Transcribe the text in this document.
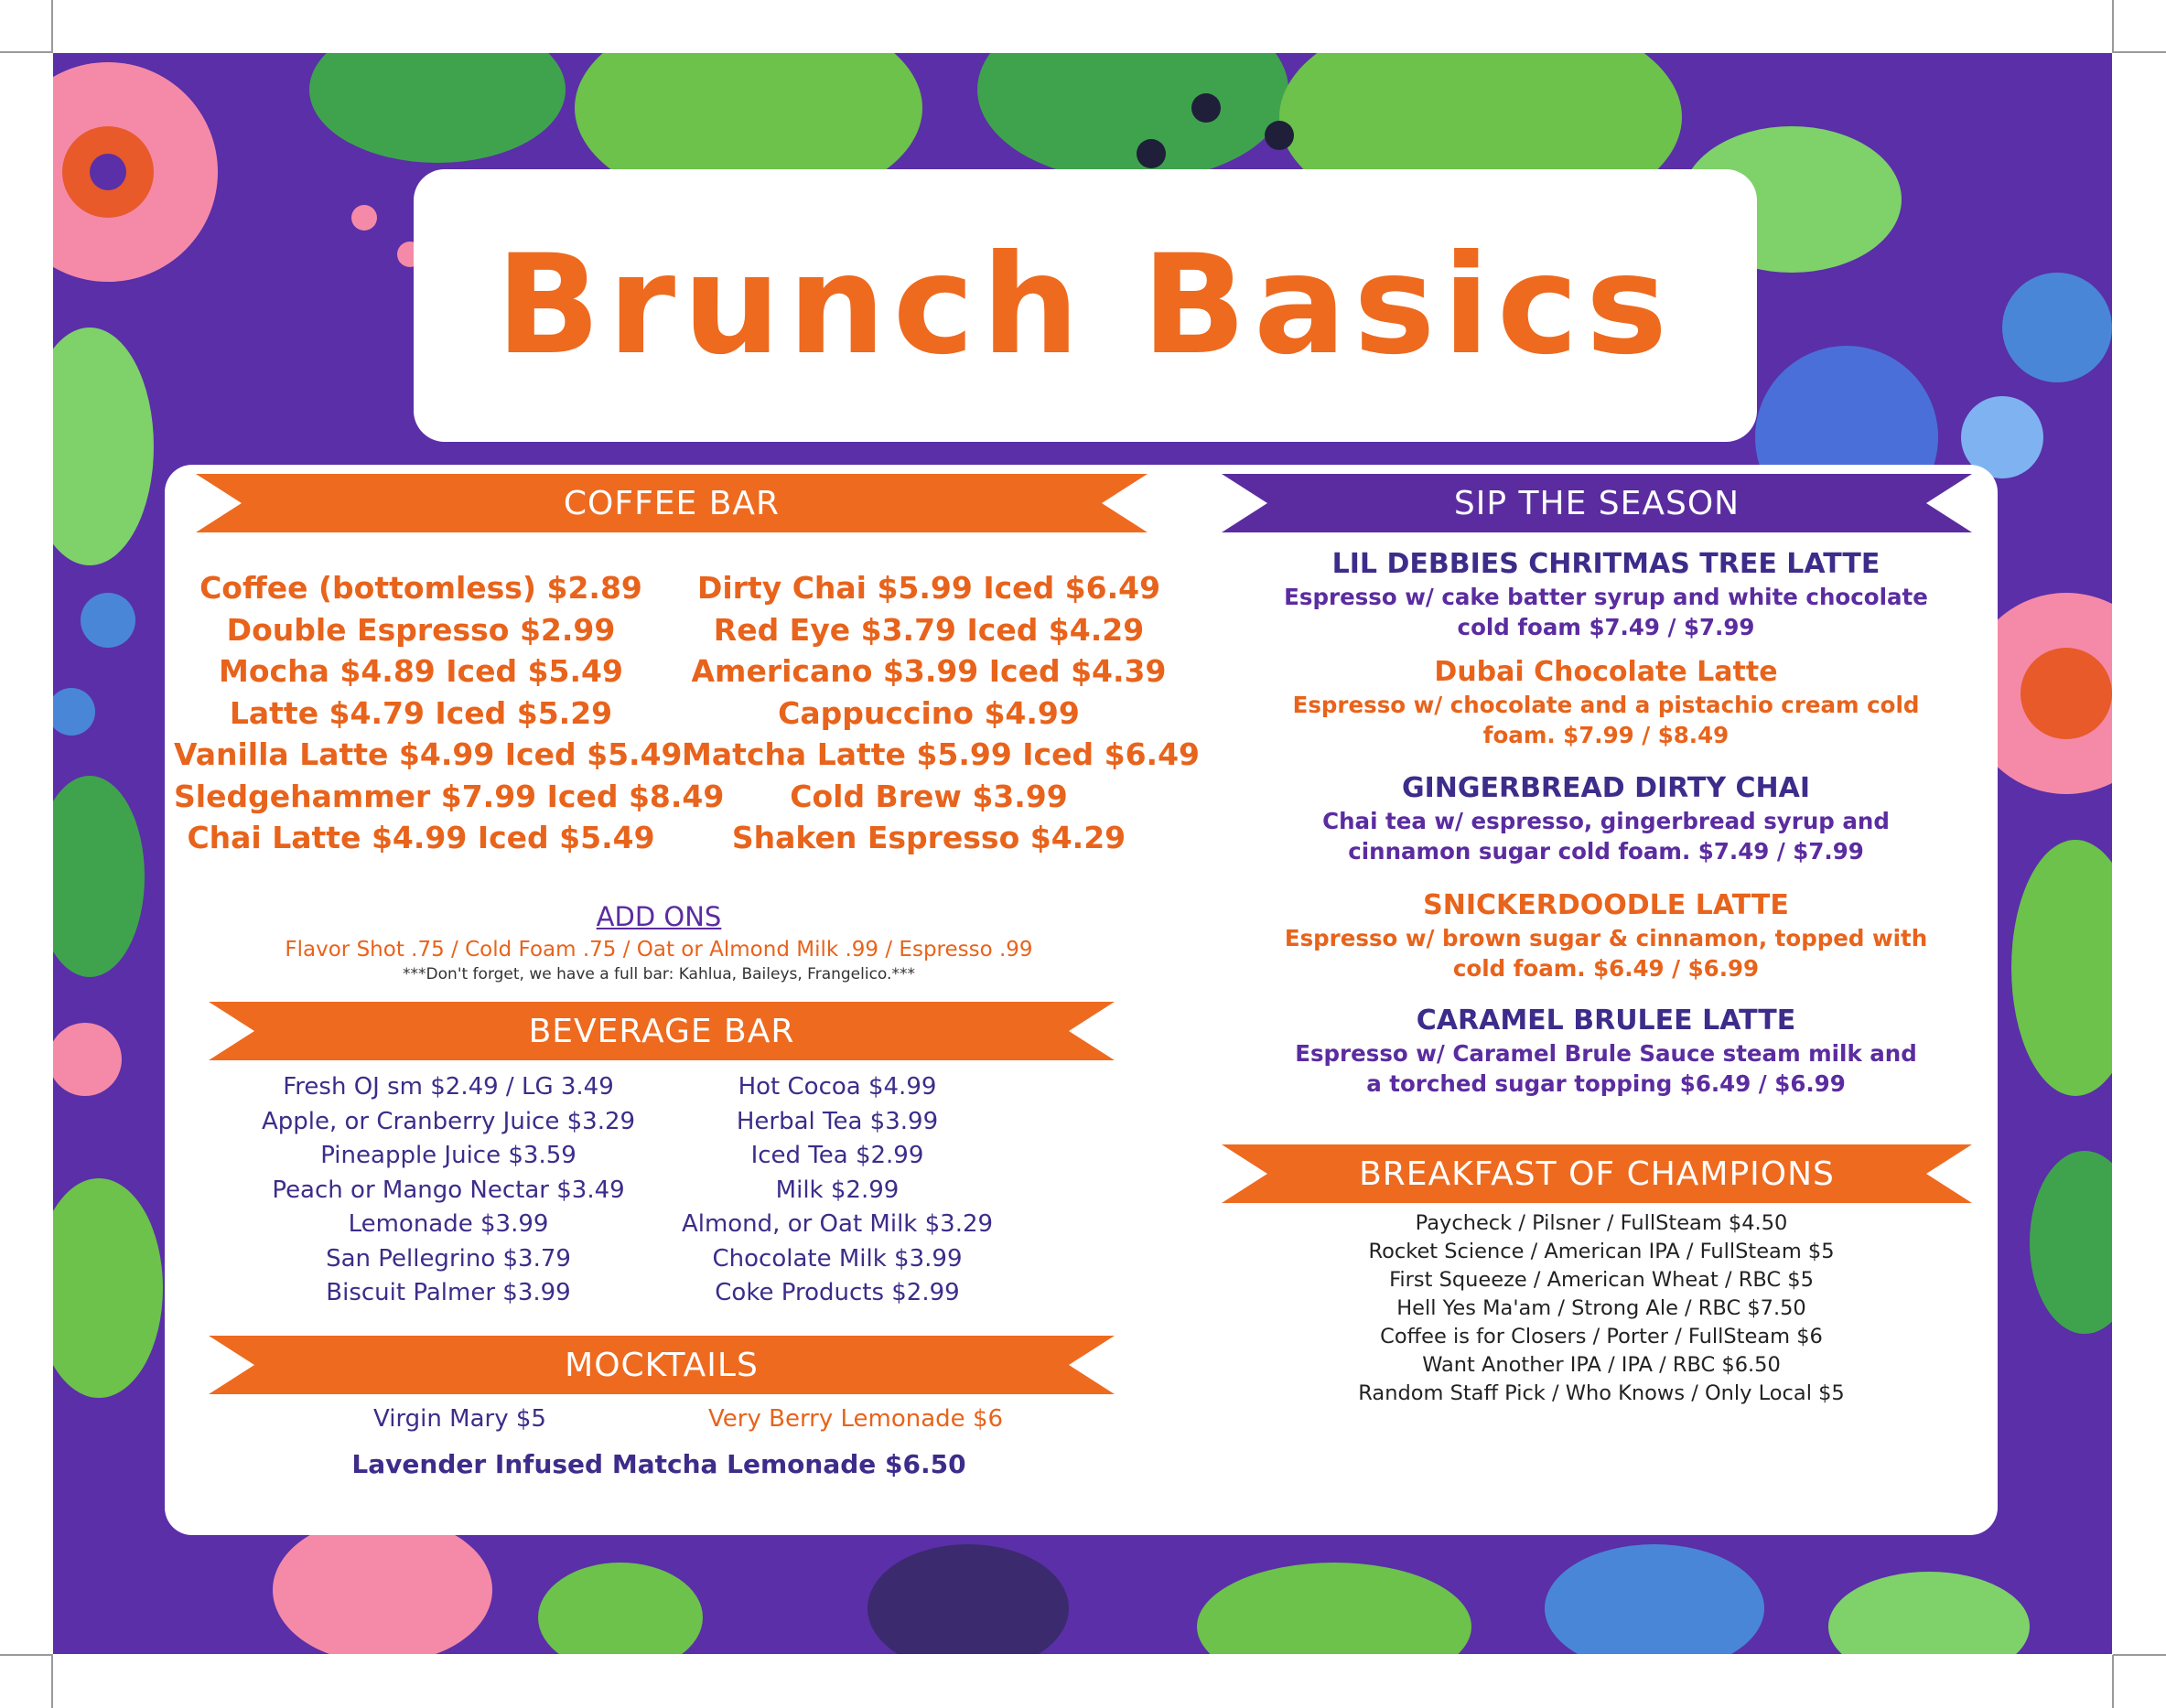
Brunch Basics
COFFEE BAR
Coffee (bottomless) $2.89
Double Espresso $2.99
Mocha $4.89 Iced $5.49
Latte $4.79 Iced $5.29
Vanilla Latte $4.99 Iced $5.49
Sledgehammer $7.99 Iced $8.49
Chai Latte $4.99 Iced $5.49
Dirty Chai $5.99 Iced $6.49
Red Eye $3.79 Iced $4.29
Americano $3.99 Iced $4.39
Cappuccino $4.99
Matcha Latte $5.99 Iced $6.49
Cold Brew $3.99
Shaken Espresso $4.29
ADD ONS
Flavor Shot .75 / Cold Foam .75 / Oat or Almond Milk .99 / Espresso .99
***Don't forget, we have a full bar: Kahlua, Baileys, Frangelico.***
BEVERAGE BAR
Fresh OJ sm $2.49 / LG 3.49
Apple, or Cranberry Juice $3.29
Pineapple Juice $3.59
Peach or Mango Nectar $3.49
Lemonade $3.99
San Pellegrino $3.79
Biscuit Palmer $3.99
Hot Cocoa $4.99
Herbal Tea $3.99
Iced Tea $2.99
Milk $2.99
Almond, or Oat Milk $3.29
Chocolate Milk $3.99
Coke Products $2.99
MOCKTAILS
Virgin Mary $5	Very Berry Lemonade $6
Lavender Infused Matcha Lemonade $6.50
SIP THE SEASON
LIL DEBBIES CHRITMAS TREE LATTE
Espresso w/ cake batter syrup and white chocolate
cold foam $7.49 / $7.99
Dubai Chocolate Latte
Espresso w/ chocolate and a pistachio cream cold
foam. $7.99 / $8.49
GINGERBREAD DIRTY CHAI
Chai tea w/ espresso, gingerbread syrup and
cinnamon sugar cold foam. $7.49 / $7.99
SNICKERDOODLE LATTE
Espresso w/ brown sugar & cinnamon, topped with
cold foam. $6.49 / $6.99
CARAMEL BRULEE LATTE
Espresso w/ Caramel Brule Sauce steam milk and
a torched sugar topping $6.49 / $6.99
BREAKFAST OF CHAMPIONS
Paycheck / Pilsner / FullSteam $4.50
Rocket Science / American IPA / FullSteam $5
First Squeeze / American Wheat / RBC $5
Hell Yes Ma'am / Strong Ale / RBC $7.50
Coffee is for Closers / Porter / FullSteam $6
Want Another IPA / IPA / RBC $6.50
Random Staff Pick / Who Knows / Only Local $5
